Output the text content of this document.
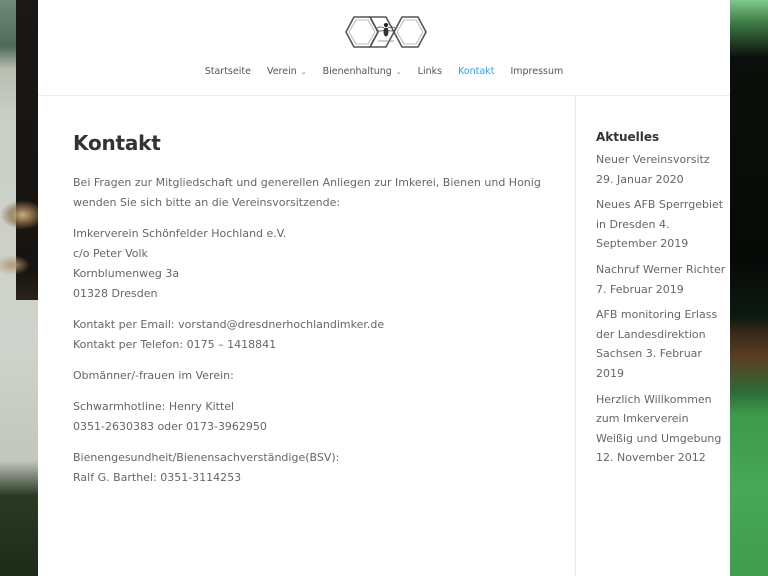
Startseite Verein ⌄ Bienenhaltung ⌄ Links Kontakt Impressum
Kontakt

Bei Fragen zur Mitgliedschaft und generellen Anliegen zur Imkerei, Bienen und Honig wenden Sie sich bitte an die Vereinsvorsitzende:

Imkerverein Schönfelder Hochland e.V.
c/o Peter Volk
Kornblumenweg 3a
01328 Dresden

Kontakt per Email: vorstand@dresdnerhochlandimker.de
Kontakt per Telefon: 0175 – 1418841

Obmänner/-frauen im Verein:

Schwarmhotline: Henry Kittel
0351-2630383 oder 0173-3962950

Bienengesundheit/Bienensachverständige(BSV):
Ralf G. Barthel: 0351-3114253

Aktuelles
Neuer Vereinsvorsitz 29. Januar 2020
Neues AFB Sperrgebiet in Dresden 4. September 2019
Nachruf Werner Richter 7. Februar 2019
AFB monitoring Erlass der Landesdirektion Sachsen 3. Februar 2019
Herzlich Willkommen zum Imkerverein Weißig und Umgebung 12. November 2012
